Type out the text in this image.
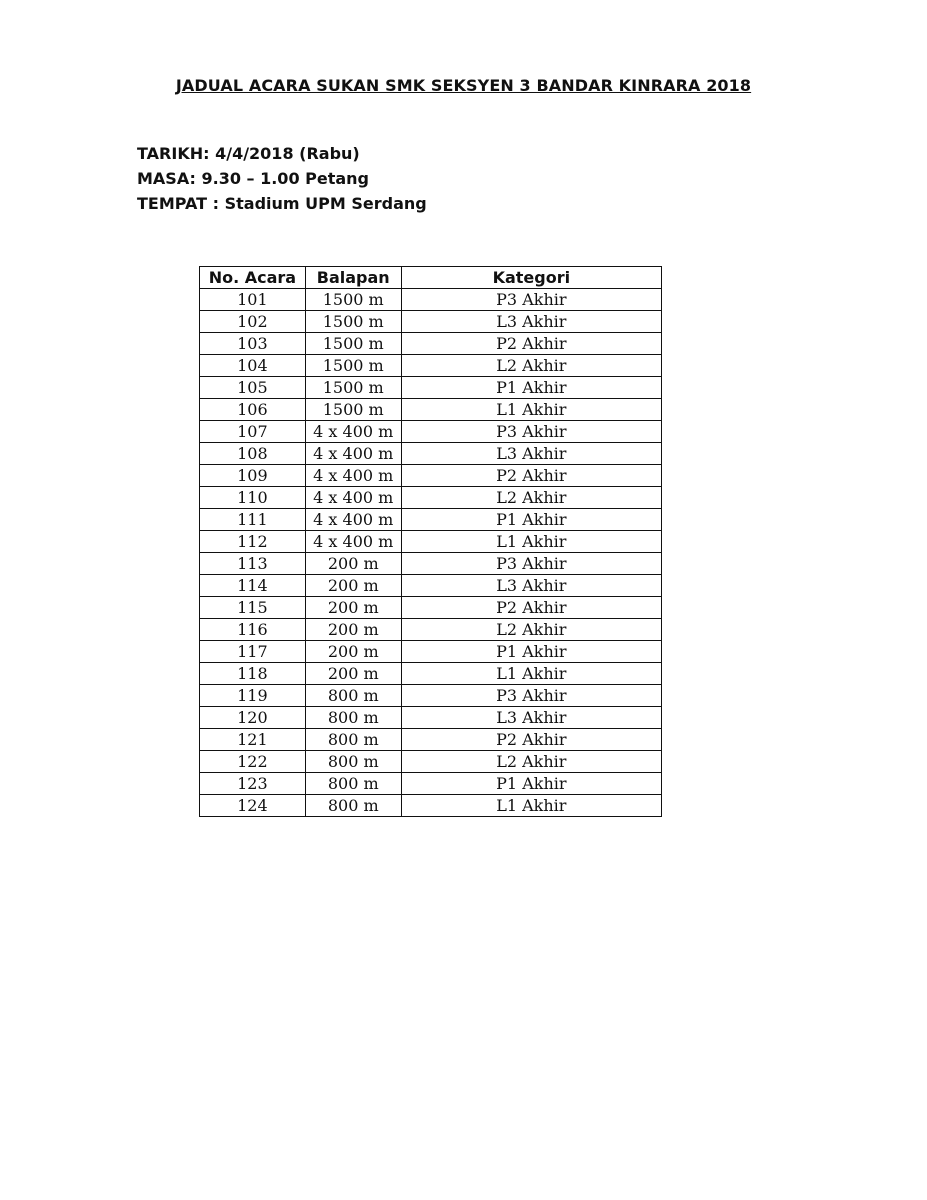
JADUAL ACARA SUKAN SMK SEKSYEN 3 BANDAR KINRARA 2018
TARIKH: 4/4/2018 (Rabu)
MASA: 9.30 – 1.00 Petang
TEMPAT : Stadium UPM Serdang
No. Acara	Balapan	Kategori
101	1500 m	P3 Akhir
102	1500 m	L3 Akhir
103	1500 m	P2 Akhir
104	1500 m	L2 Akhir
105	1500 m	P1 Akhir
106	1500 m	L1 Akhir
107	4 x 400 m	P3 Akhir
108	4 x 400 m	L3 Akhir
109	4 x 400 m	P2 Akhir
110	4 x 400 m	L2 Akhir
111	4 x 400 m	P1 Akhir
112	4 x 400 m	L1 Akhir
113	200 m	P3 Akhir
114	200 m	L3 Akhir
115	200 m	P2 Akhir
116	200 m	L2 Akhir
117	200 m	P1 Akhir
118	200 m	L1 Akhir
119	800 m	P3 Akhir
120	800 m	L3 Akhir
121	800 m	P2 Akhir
122	800 m	L2 Akhir
123	800 m	P1 Akhir
124	800 m	L1 Akhir
